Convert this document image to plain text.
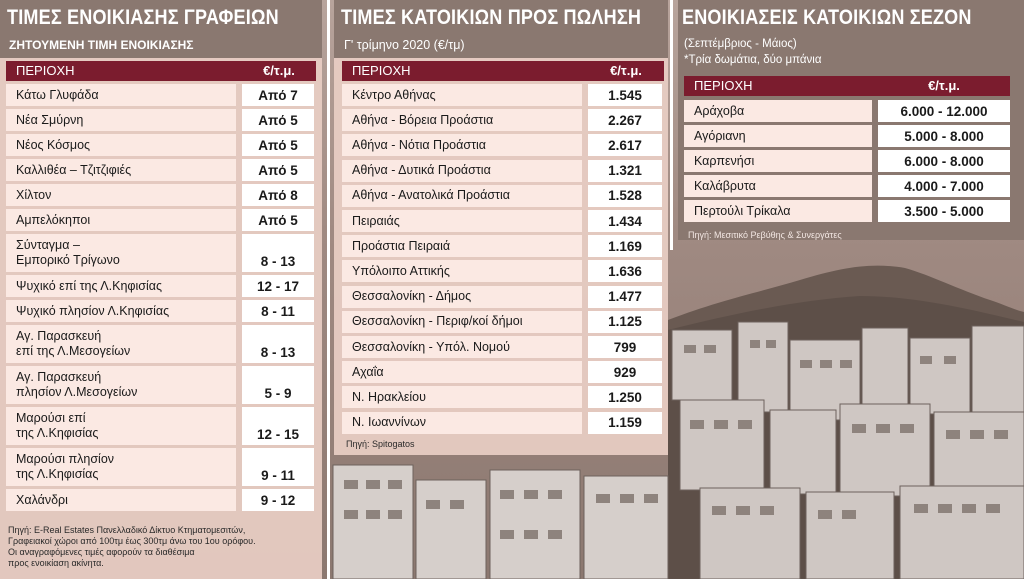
ΤΙΜΕΣ ΕΝΟΙΚΙΑΣΗΣ ΓΡΑΦΕΙΩΝ
ΖΗΤΟΥΜΕΝΗ ΤΙΜΗ ΕΝΟΙΚΙΑΣΗΣ
ΠΕΡΙΟΧΗ	€/τ.μ.
Κάτω Γλυφάδα	Από 7
Νέα Σμύρνη	Από 5
Νέος Κόσμος	Από 5
Καλλιθέα – Τζιτζιφιές	Από 5
Χίλτον	Από 8
Αμπελόκηποι	Από 5
Σύνταγμα –
Εμπορικό Τρίγωνο	8 - 13
Ψυχικό επί της Λ.Κηφισίας	12 - 17
Ψυχικό πλησίον Λ.Κηφισίας	8 - 11
Αγ. Παρασκευή
επί της Λ.Μεσογείων	8 - 13
Αγ. Παρασκευή
πλησίον Λ.Μεσογείων	5 - 9
Μαρούσι επί
της Λ.Κηφισίας	12 - 15
Μαρούσι πλησίον
της Λ.Κηφισίας	9 - 11
Χαλάνδρι	9 - 12
Πηγή: E-Real Estates Πανελλαδικό Δίκτυο Κτηματομεσιτών,
Γραφειακοί χώροι από 100τμ έως 300τμ άνω του 1ου ορόφου.
Οι αναγραφόμενες τιμές αφορούν τα διαθέσιμα
προς ενοικίαση ακίνητα.
ΤΙΜΕΣ ΚΑΤΟΙΚΙΩΝ ΠΡΟΣ ΠΩΛΗΣΗ
Γ' τρίμηνο 2020 (€/τμ)
ΠΕΡΙΟΧΗ	€/τ.μ.
Κέντρο Αθήνας	1.545
Αθήνα - Βόρεια Προάστια	2.267
Αθήνα - Νότια Προάστια	2.617
Αθήνα - Δυτικά Προάστια	1.321
Αθήνα - Ανατολικά Προάστια	1.528
Πειραιάς	1.434
Προάστια Πειραιά	1.169
Υπόλοιπο Αττικής	1.636
Θεσσαλονίκη - Δήμος	1.477
Θεσσαλονίκη - Περιφ/κοί δήμοι	1.125
Θεσσαλονίκη - Υπόλ. Νομού	799
Αχαΐα	929
Ν. Ηρακλείου	1.250
Ν. Ιωαννίνων	1.159
Πηγή: Spitogatos
ΕΝΟΙΚΙΑΣΕΙΣ ΚΑΤΟΙΚΙΩΝ ΣΕΖΟΝ
(Σεπτέμβριος - Μάιος)
*Τρία δωμάτια, δύο μπάνια
ΠΕΡΙΟΧΗ	€/τ.μ.
Αράχοβα	6.000 - 12.000
Αγόριανη	5.000 - 8.000
Καρπενήσι	6.000 - 8.000
Καλάβρυτα	4.000 - 7.000
Περτούλι Τρίκαλα	3.500 - 5.000
Πηγή: Μεσιτικό Ρεβύθης & Συνεργάτες
